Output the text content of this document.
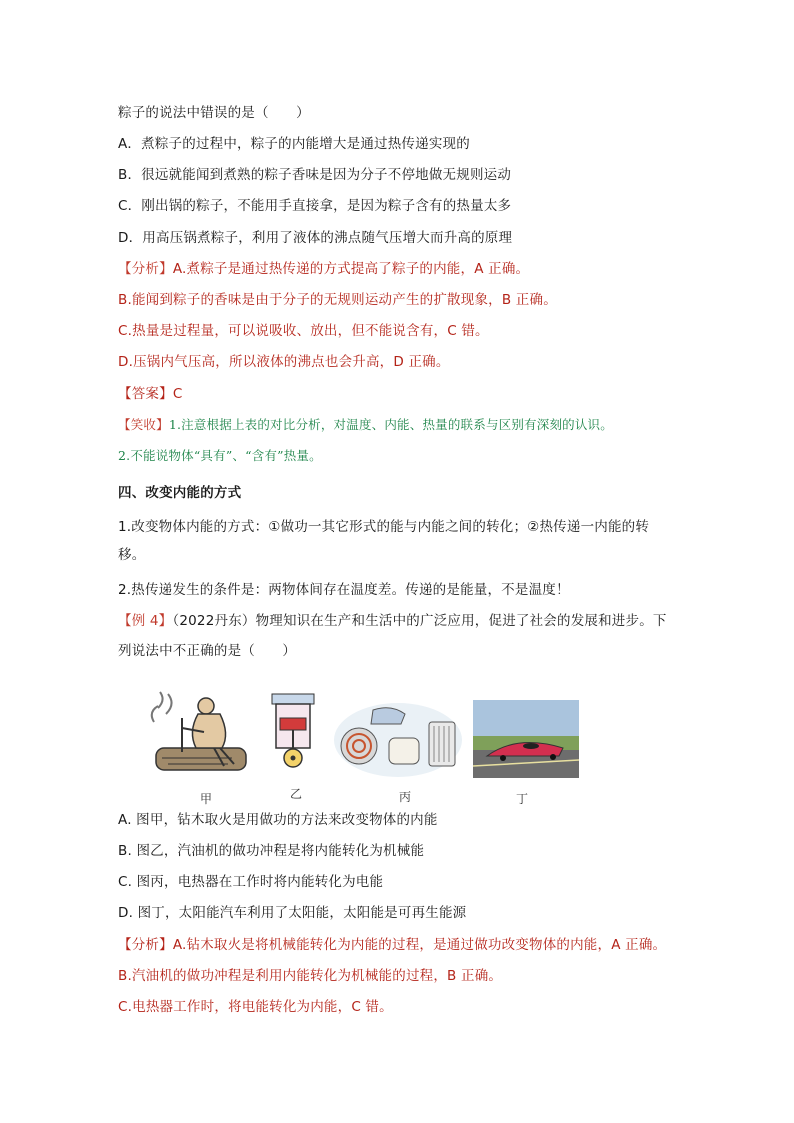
粽子的说法中错误的是（　　）
A．煮粽子的过程中，粽子的内能增大是通过热传递实现的
B．很远就能闻到煮熟的粽子香味是因为分子不停地做无规则运动
C．刚出锅的粽子，不能用手直接拿，是因为粽子含有的热量太多
D．用高压锅煮粽子，利用了液体的沸点随气压增大而升高的原理
【分析】A.煮粽子是通过热传递的方式提高了粽子的内能，A 正确。
B.能闻到粽子的香味是由于分子的无规则运动产生的扩散现象，B 正确。
C.热量是过程量，可以说吸收、放出，但不能说含有，C 错。
D.压锅内气压高，所以液体的沸点也会升高，D 正确。
【答案】C
【笑收】1.注意根据上表的对比分析，对温度、内能、热量的联系与区别有深刻的认识。
2.不能说物体“具有”、“含有”热量。
四、改变内能的方式
1.改变物体内能的方式：①做功一其它形式的能与内能之间的转化；②热传递一内能的转
移。
2.热传递发生的条件是：两物体间存在温度差。传递的是能量，不是温度！
【例 4】（2022丹东）物理知识在生产和生活中的广泛应用，促进了社会的发展和进步。下
列说法中不正确的是（　　）
甲	乙	丙	丁
A. 图甲，钻木取火是用做功的方法来改变物体的内能
B. 图乙，汽油机的做功冲程是将内能转化为机械能
C. 图丙，电热器在工作时将内能转化为电能
D. 图丁，太阳能汽车利用了太阳能，太阳能是可再生能源
【分析】A.钻木取火是将机械能转化为内能的过程，是通过做功改变物体的内能，A 正确。
B.汽油机的做功冲程是利用内能转化为机械能的过程，B 正确。
C.电热器工作时，将电能转化为内能，C 错。
